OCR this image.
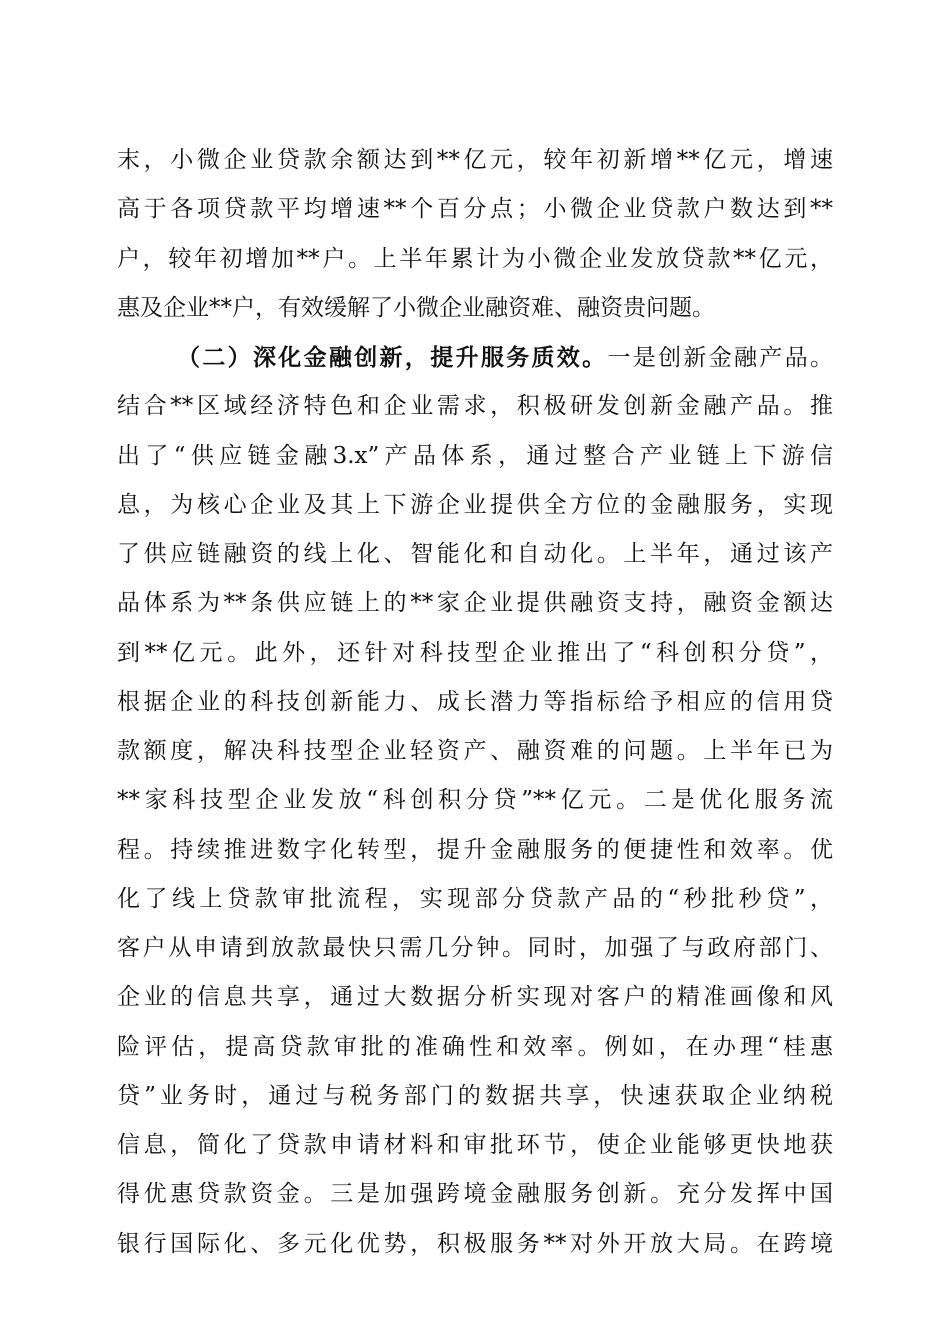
末，小微企业贷款余额达到**亿元，较年初新增**亿元，增速
高于各项贷款平均增速**个百分点；小微企业贷款户数达到**
户，较年初增加**户。上半年累计为小微企业发放贷款**亿元，
惠及企业**户，有效缓解了小微企业融资难、融资贵问题。
（二）深化金融创新，提升服务质效。一是创新金融产品。
结合**区域经济特色和企业需求，积极研发创新金融产品。推
出了“供应链金融3.x”产品体系，通过整合产业链上下游信
息，为核心企业及其上下游企业提供全方位的金融服务，实现
了供应链融资的线上化、智能化和自动化。上半年，通过该产
品体系为**条供应链上的**家企业提供融资支持，融资金额达
到**亿元。此外，还针对科技型企业推出了“科创积分贷”，
根据企业的科技创新能力、成长潜力等指标给予相应的信用贷
款额度，解决科技型企业轻资产、融资难的问题。上半年已为
**家科技型企业发放“科创积分贷”**亿元。二是优化服务流
程。持续推进数字化转型，提升金融服务的便捷性和效率。优
化了线上贷款审批流程，实现部分贷款产品的“秒批秒贷”，
客户从申请到放款最快只需几分钟。同时，加强了与政府部门、
企业的信息共享，通过大数据分析实现对客户的精准画像和风
险评估，提高贷款审批的准确性和效率。例如，在办理“桂惠
贷”业务时，通过与税务部门的数据共享，快速获取企业纳税
信息，简化了贷款申请材料和审批环节，使企业能够更快地获
得优惠贷款资金。三是加强跨境金融服务创新。充分发挥中国
银行国际化、多元化优势，积极服务**对外开放大局。在跨境
